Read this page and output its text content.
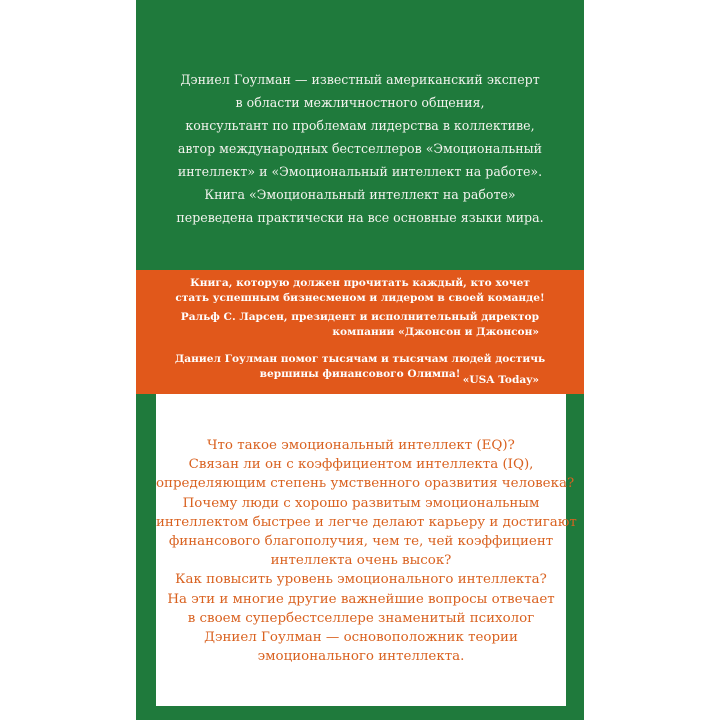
Дэниел Гоулман — известный американский эксперт

в области межличностного общения,

консультант по проблемам лидерства в коллективе,

автор международных бестселлеров «Эмоциональный

интеллект» и «Эмоциональный интеллект на работе».

Книга «Эмоциональный интеллект на работе»

переведена практически на все основные языки мира.

Книга, которую должен прочитать каждый, кто хочет

стать успешным бизнесменом и лидером в своей команде!

Ральф С. Ларсен, президент и исполнительный директор

компании «Джонсон и Джонсон»

Даниел Гоулман помог тысячам и тысячам людей достичь

вершины финансового Олимпа! «USA Today»

Что такое эмоциональный интеллект (EQ)?

Связан ли он с коэффициентом интеллекта (IQ),

определяющим степень умственного оразвития человека?

Почему люди с хорошо развитым эмоциональным

интеллектом быстрее и легче делают карьеру и достигают

финансового благополучия, чем те, чей коэффициент

интеллекта очень высок?

Как повысить уровень эмоционального интеллекта?

На эти и многие другие важнейшие вопросы отвечает

в своем супербестселлере знаменитый психолог

Дэниел Гоулман — основоположник теории

эмоционального интеллекта.
